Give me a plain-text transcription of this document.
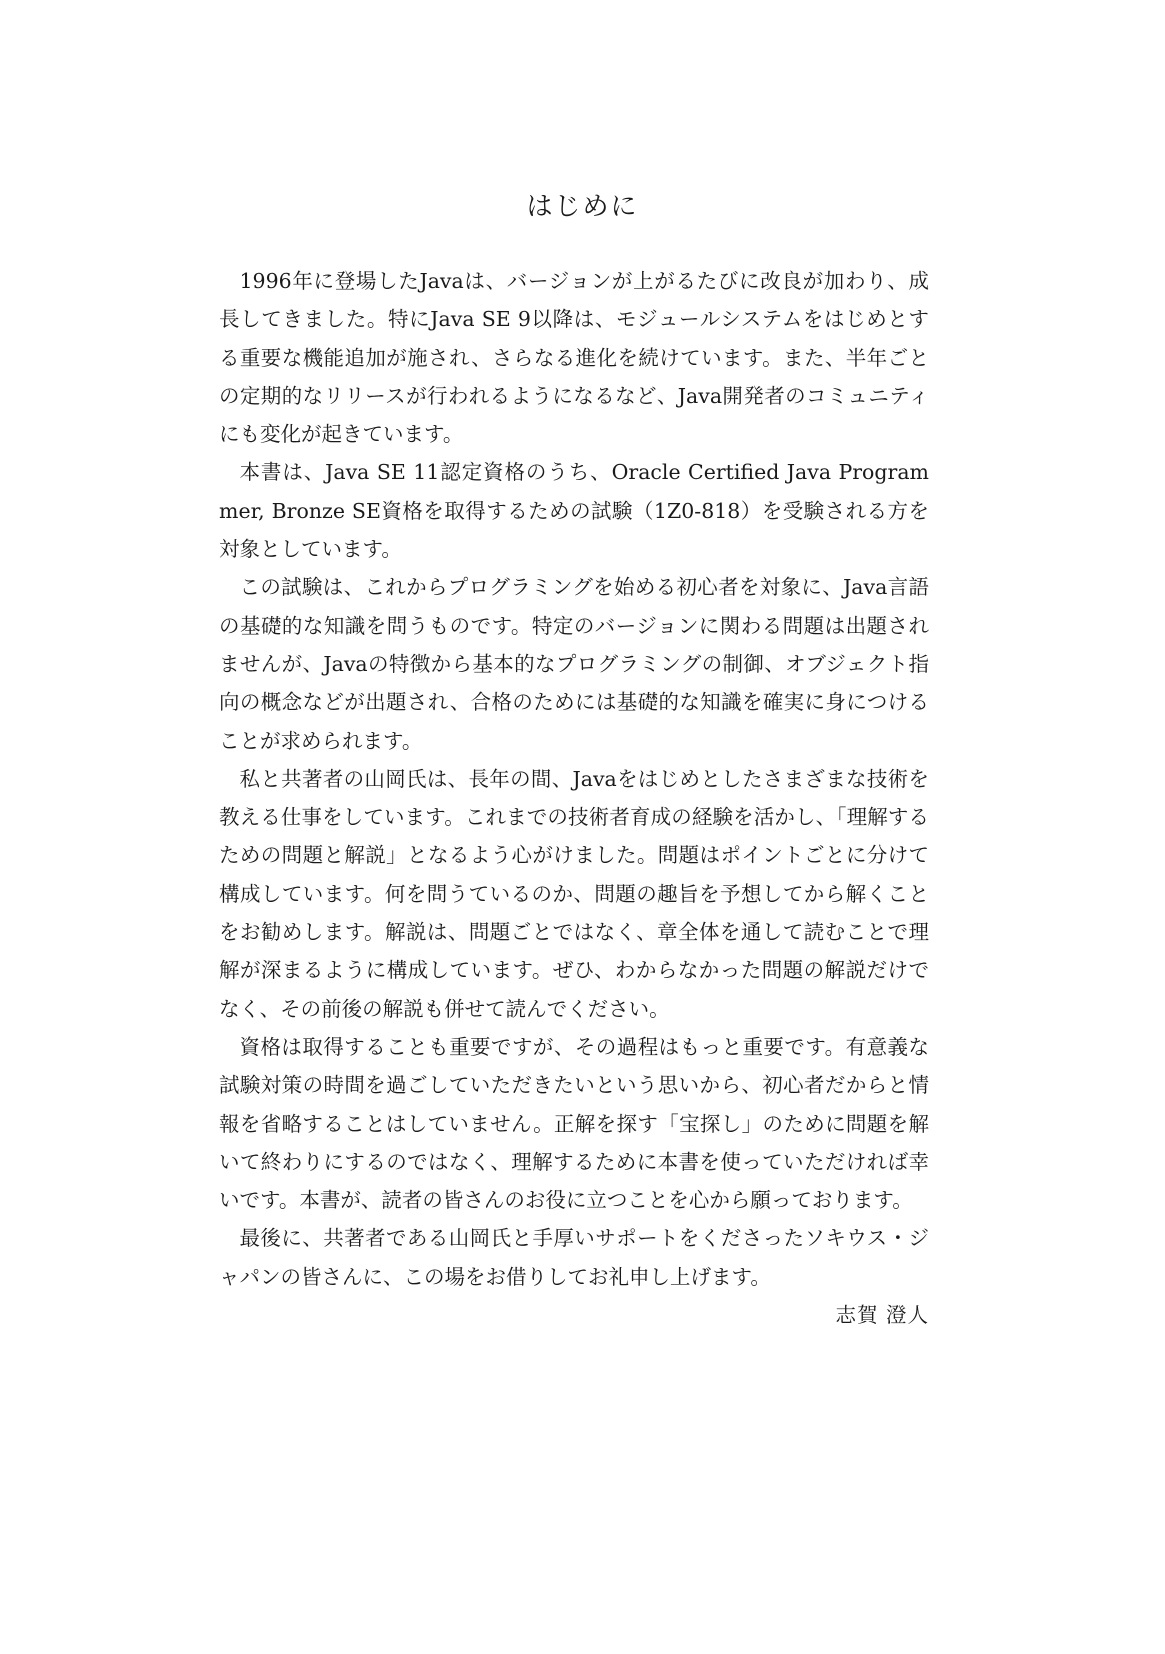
はじめに

1996年に登場したJavaは、バージョンが上がるたびに改良が加わり、成長してきました。特にJava SE 9以降は、モジュールシステムをはじめとする重要な機能追加が施され、さらなる進化を続けています。また、半年ごとの定期的なリリースが行われるようになるなど、Java開発者のコミュニティにも変化が起きています。

本書は、Java SE 11認定資格のうち、Oracle Certified Java Programmer, Bronze SE資格を取得するための試験（1Z0-818）を受験される方を対象としています。

この試験は、これからプログラミングを始める初心者を対象に、Java言語の基礎的な知識を問うものです。特定のバージョンに関わる問題は出題されませんが、Javaの特徴から基本的なプログラミングの制御、オブジェクト指向の概念などが出題され、合格のためには基礎的な知識を確実に身につけることが求められます。

私と共著者の山岡氏は、長年の間、Javaをはじめとしたさまざまな技術を教える仕事をしています。これまでの技術者育成の経験を活かし、「理解するための問題と解説」となるよう心がけました。問題はポイントごとに分けて構成しています。何を問うているのか、問題の趣旨を予想してから解くことをお勧めします。解説は、問題ごとではなく、章全体を通して読むことで理解が深まるように構成しています。ぜひ、わからなかった問題の解説だけでなく、その前後の解説も併せて読んでください。

資格は取得することも重要ですが、その過程はもっと重要です。有意義な試験対策の時間を過ごしていただきたいという思いから、初心者だからと情報を省略することはしていません。正解を探す「宝探し」のために問題を解いて終わりにするのではなく、理解するために本書を使っていただければ幸いです。本書が、読者の皆さんのお役に立つことを心から願っております。

最後に、共著者である山岡氏と手厚いサポートをくださったソキウス・ジャパンの皆さんに、この場をお借りしてお礼申し上げます。

志賀 澄人
